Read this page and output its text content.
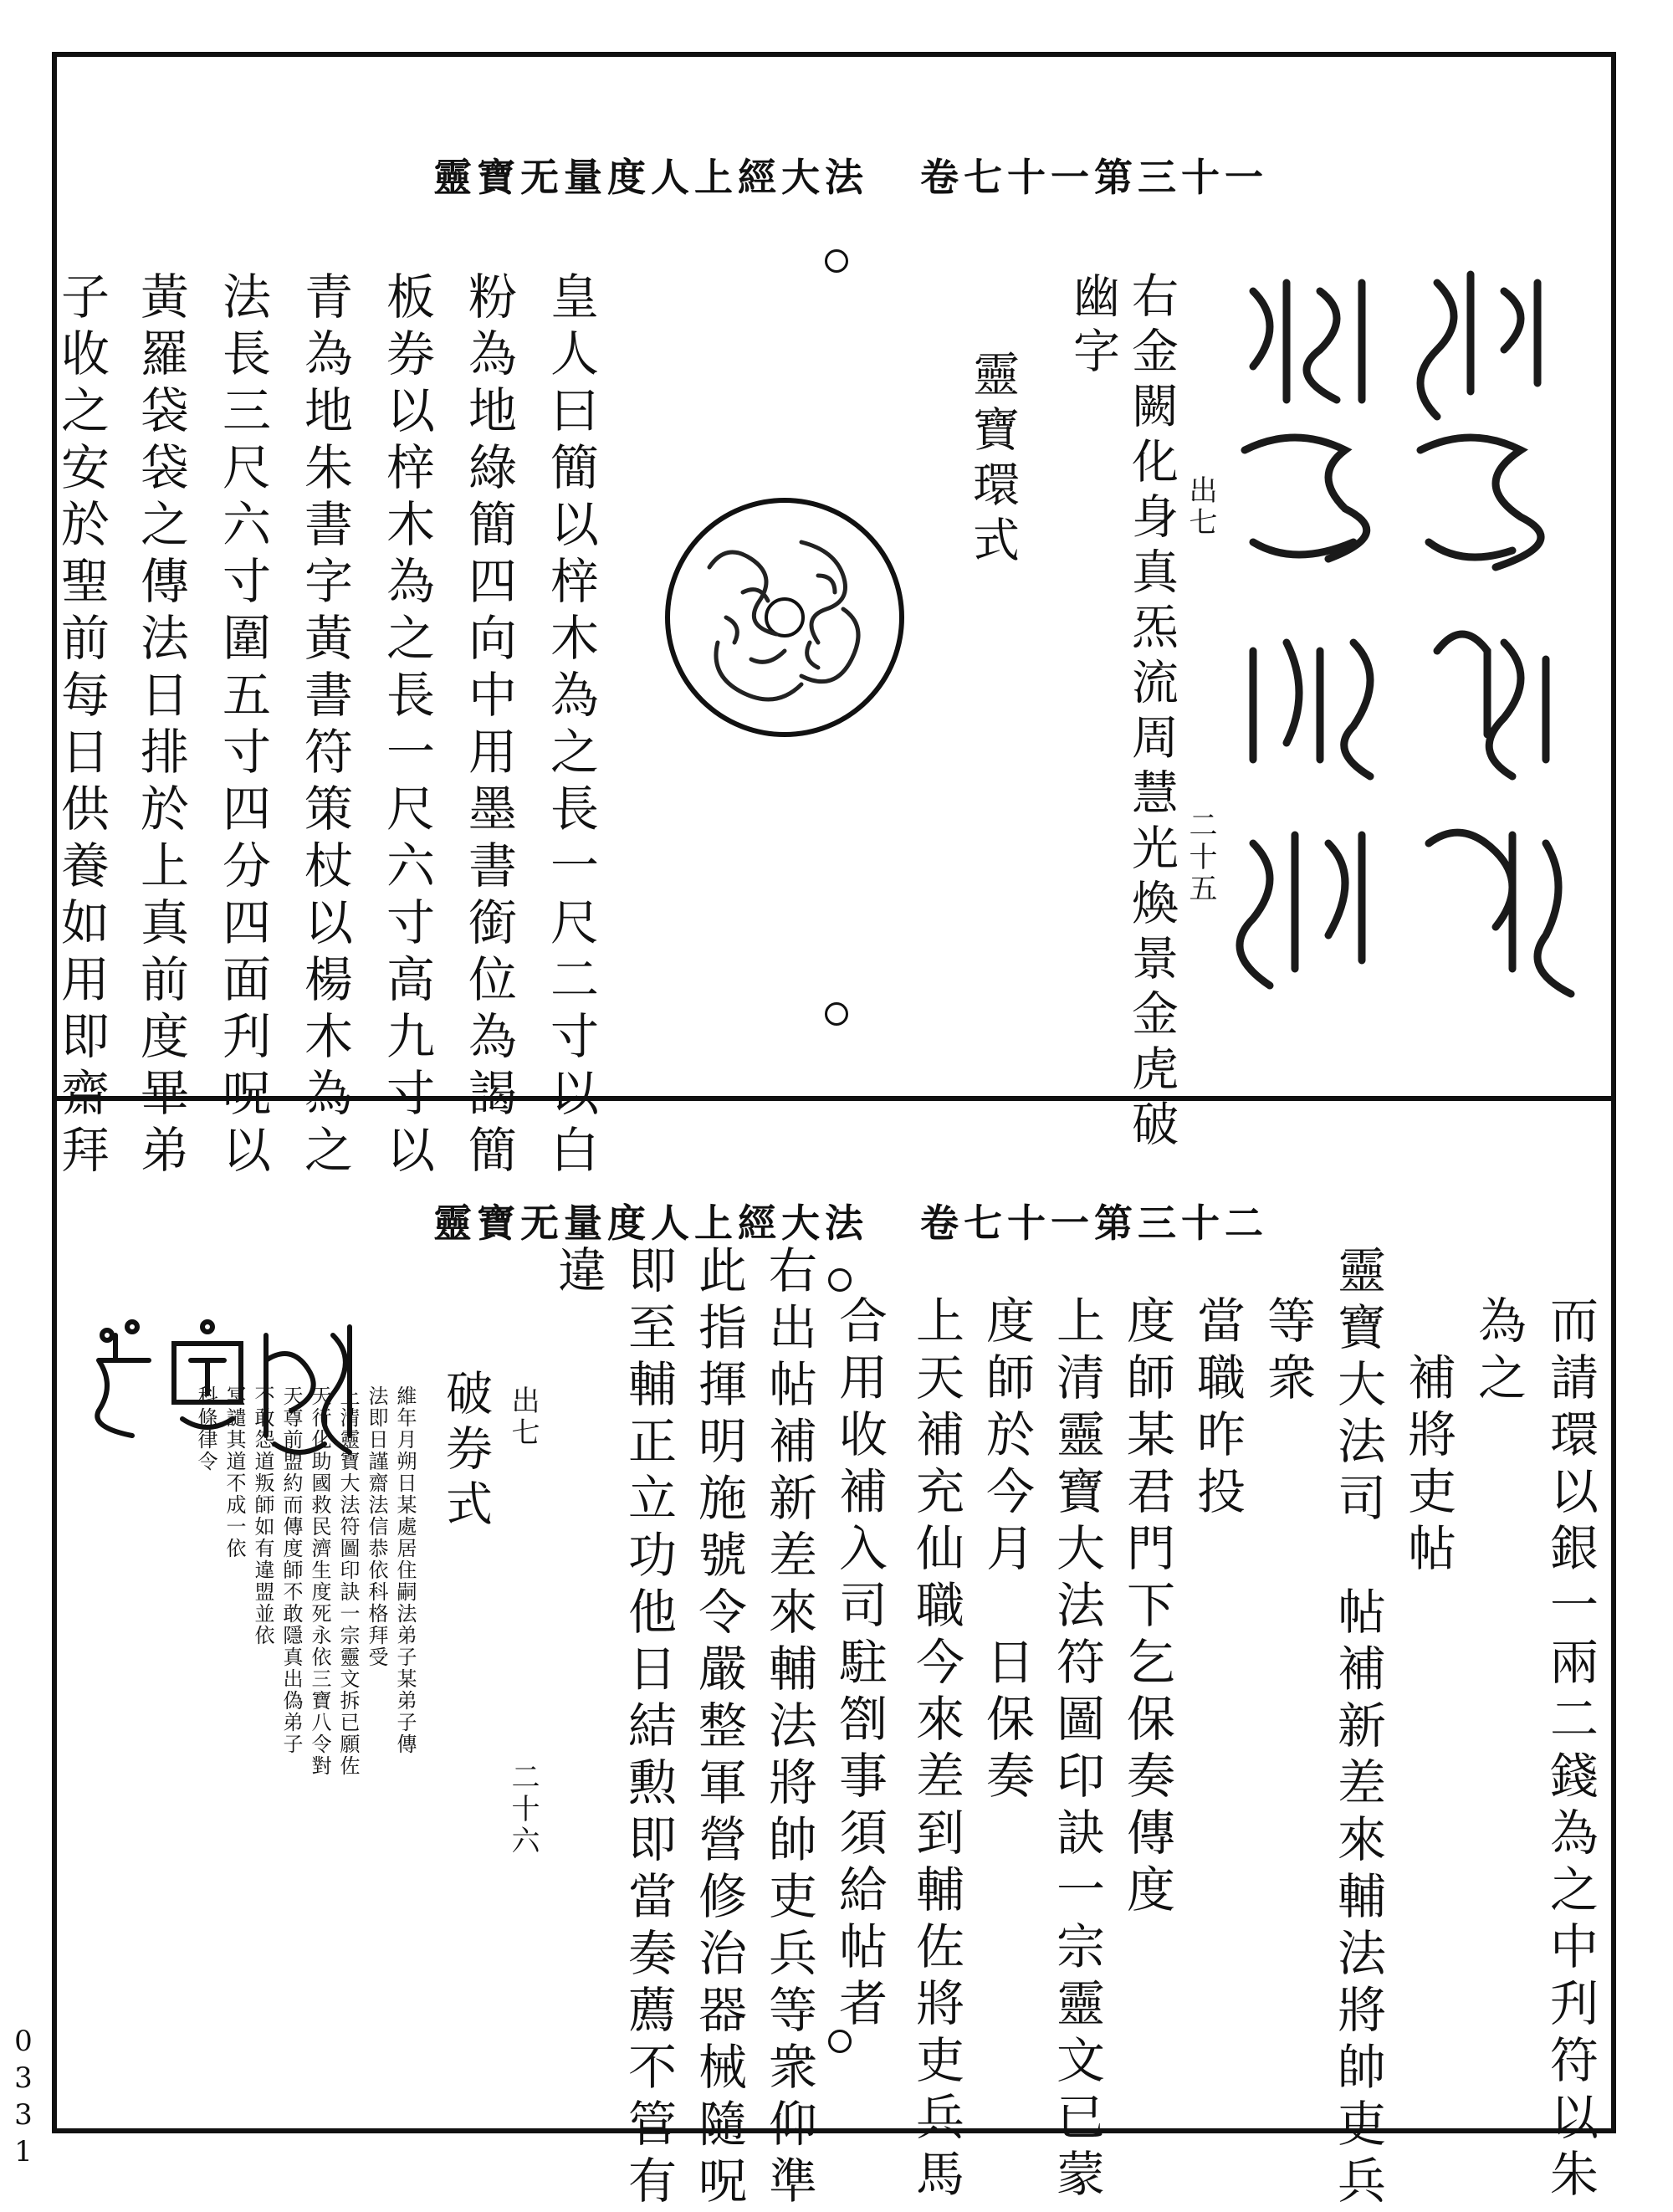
靈寶无量度人上經大法 卷七十一第三十一
右金闕化身真炁流周慧光煥景金虎破 出七
二十五
幽字
靈寶環式
皇人曰簡以梓木為之長一尺二寸以白
粉為地綠簡四向中用墨書銜位為謁簡
板券以梓木為之長一尺六寸高九寸以
青為地朱書字黃書符策杖以楊木為之
法長三尺六寸圍五寸四分四面刋呪以
黃羅袋袋之傳法日排於上真前度畢弟
子收之安於聖前每日供養如用即齋拜
靈寶无量度人上經大法 卷七十一第三十二
而請環以銀一兩二錢為之中刋符以朱
為之
補將吏帖
靈寶大法司　帖補新差來輔法將帥吏兵
等衆
當職昨投
度師某君門下乞保奏傳度
上清靈寶大法符圖印訣一宗靈文已蒙
度師於今月　日保奏
上天補充仙職今來差到輔佐將吏兵馬
合用收補入司駐劄事須給帖者
右出帖補新差來輔法將帥吏兵等衆仰準
此指揮明施號令嚴整軍營修治器械隨呪
即至輔正立功他日結勲即當奏薦不管有
違
破券式 出七
二十六
維年月朔日某處居住嗣法弟子某弟子傳
法即日謹齋法信恭依科格拜受
上清靈寶大法符圖印訣一宗靈文拆已願佐
天行化助國救民濟生度死永依三寶八令對
天尊前盟約而傳度師不敢隱真出偽弟子
不敢怨道叛師如有違盟並依
冥譴其道不成一依
科條律令
0331
